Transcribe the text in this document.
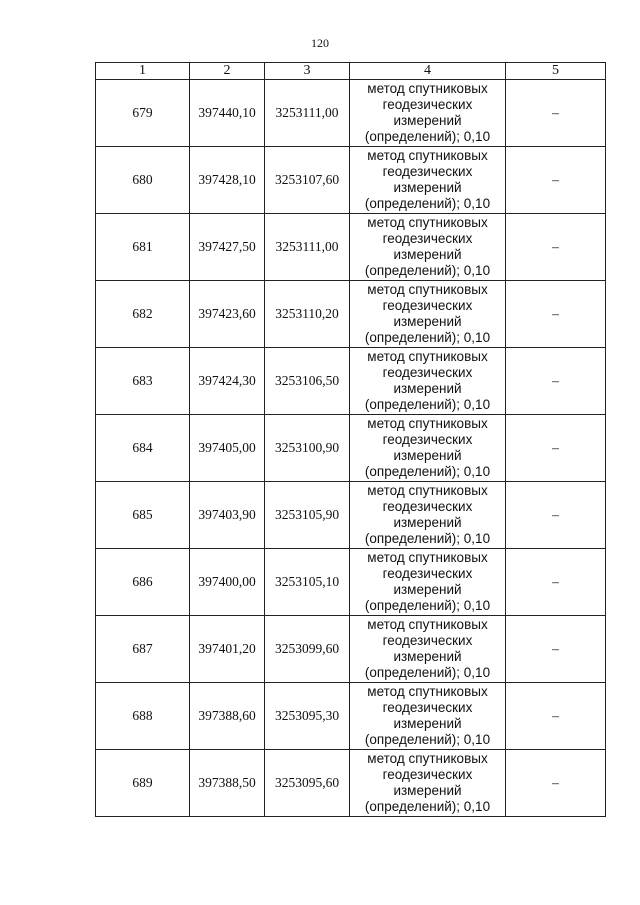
120
1	2	3	4	5
679	397440,10	3253111,00	метод спутниковых
геодезических
измерений
(определений); 0,10	–
680	397428,10	3253107,60	метод спутниковых
геодезических
измерений
(определений); 0,10	–
681	397427,50	3253111,00	метод спутниковых
геодезических
измерений
(определений); 0,10	–
682	397423,60	3253110,20	метод спутниковых
геодезических
измерений
(определений); 0,10	–
683	397424,30	3253106,50	метод спутниковых
геодезических
измерений
(определений); 0,10	–
684	397405,00	3253100,90	метод спутниковых
геодезических
измерений
(определений); 0,10	–
685	397403,90	3253105,90	метод спутниковых
геодезических
измерений
(определений); 0,10	–
686	397400,00	3253105,10	метод спутниковых
геодезических
измерений
(определений); 0,10	–
687	397401,20	3253099,60	метод спутниковых
геодезических
измерений
(определений); 0,10	–
688	397388,60	3253095,30	метод спутниковых
геодезических
измерений
(определений); 0,10	–
689	397388,50	3253095,60	метод спутниковых
геодезических
измерений
(определений); 0,10	–
